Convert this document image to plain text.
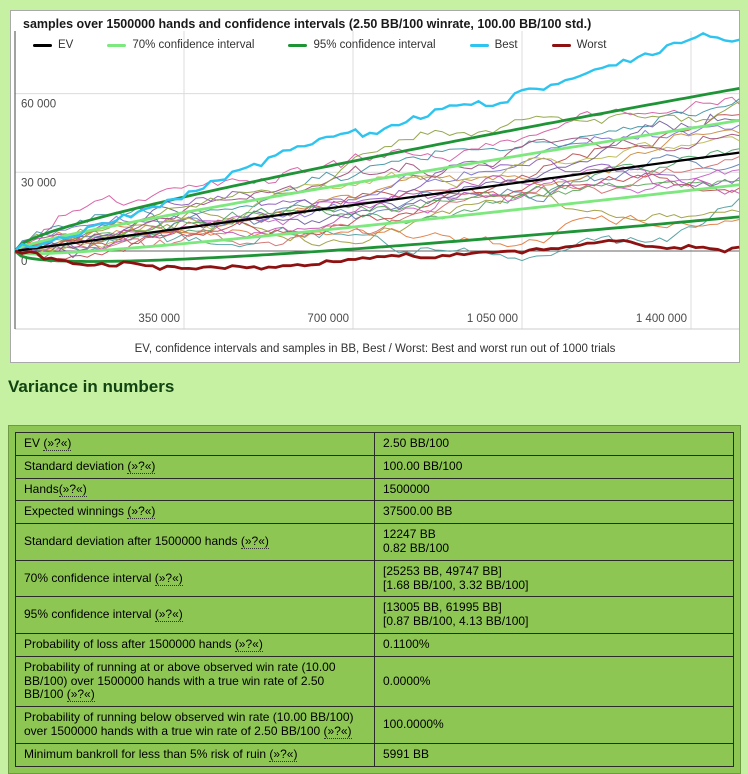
samples over 1500000 hands and confidence intervals (2.50 BB/100 winrate, 100.00 BB/100 std.)
EV	70% confidence interval	95% confidence interval	Best	Worst
350 000	700 000	1 050 000	1 400 000
0
30 000
60 000
EV, confidence intervals and samples in BB, Best / Worst: Best and worst run out of 1000 trials
Variance in numbers
EV (»?«)	2.50 BB/100
Standard deviation (»?«)	100.00 BB/100
Hands(»?«)	1500000
Expected winnings (»?«)	37500.00 BB
Standard deviation after 1500000 hands (»?«)	12247 BB
0.82 BB/100
70% confidence interval (»?«)	[25253 BB, 49747 BB]
[1.68 BB/100, 3.32 BB/100]
95% confidence interval (»?«)	[13005 BB, 61995 BB]
[0.87 BB/100, 4.13 BB/100]
Probability of loss after 1500000 hands (»?«)	0.1100%
Probability of running at or above observed win rate (10.00 BB/100) over 1500000 hands with a true win rate of 2.50 BB/100 (»?«)	0.0000%
Probability of running below observed win rate (10.00 BB/100) over 1500000 hands with a true win rate of 2.50 BB/100 (»?«)	100.0000%
Minimum bankroll for less than 5% risk of ruin (»?«)	5991 BB
